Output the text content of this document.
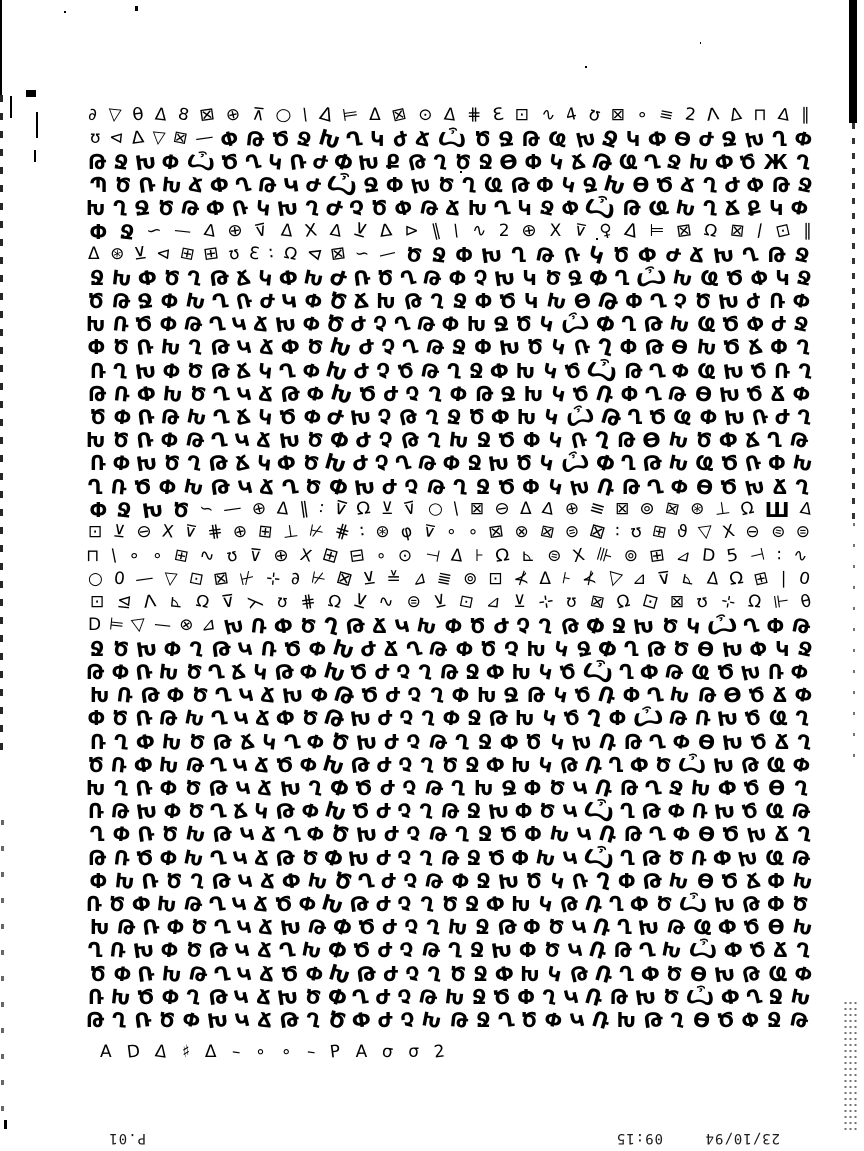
∂ ▽ θ Δ 8 ⊠ ⊕ ⊼ ○ \ Δ ⊨ Δ ⊠ ⊙ Δ ⋕ Ɛ ⊡ ∿ 4 ʊ ⊠ ∘ ≡ 2 Λ Δ ⊓ Δ ∥
ʊ ⊲ Δ ▽ ⊠ — Փ Թ Ծ Ջ Խ Ղ Կ Ժ Ճ Ѽ Ծ Ջ Թ Ҩ Խ Ջ Կ Փ Ѳ Ժ Ջ Խ Ղ Փ
Թ Ջ Խ Փ Ѽ Ծ Ղ Կ Ռ Ժ Փ Խ Ք Թ Ղ Ծ Ջ Ѳ Փ Կ Ճ Թ Ҩ Ղ Ջ Խ Փ Ծ Ж Ղ
Պ Ծ Ռ Խ Ճ Փ Ղ Թ Կ Ժ Ѽ Ջ Փ Խ Ծ Ղ Ҩ Թ Փ Կ Ջ Խ Ѳ Ծ Ճ Ղ Ժ Փ Թ Ջ
Խ Ղ Ջ Ծ Թ Փ Ռ Կ Խ Ղ Ժ Չ Ծ Փ Թ Ճ Խ Ղ Կ Ջ Փ Ѽ Թ Ҩ Խ Ղ Ճ Ք Կ Փ
Փ Ջ ∽ — Δ ⊕ ⊽ Δ X Δ ⊻ Δ ⊳ ∥ \ ∿ 2 ⊕ X ⊽ ♀ Δ ⊨ ⊠ Ω ⊠ / ⊡ ∥
Δ ⊛ ⊻ ⊲ ⊞ ⊞ ʊ Ɛ ∶ Ω ⊲ ⊠ ∽ — Ծ Ջ Փ Խ Ղ Թ Ռ Կ Ծ Փ Ժ Ճ Խ Ղ Թ Ջ
Ջ Խ Փ Ծ Ղ Թ Ճ Կ Փ Խ Ժ Ռ Ծ Ղ Թ Փ Չ Խ Կ Ծ Ջ Փ Ղ Ѽ Խ Ҩ Ծ Փ Կ Ջ
Ծ Թ Ջ Փ Խ Ղ Ռ Ժ Կ Փ Ծ Ճ Խ Թ Ղ Ջ Փ Ծ Կ Խ Ѳ Թ Փ Ղ Չ Ծ Խ Ժ Ռ Փ
Խ Ռ Ծ Փ Թ Ղ Կ Ճ Խ Փ Ծ Ժ Չ Ղ Թ Փ Խ Ջ Ծ Կ Ѽ Փ Ղ Թ Խ Ҩ Ծ Փ Ժ Ջ
Փ Ծ Ռ Խ Ղ Թ Կ Ճ Փ Ծ Խ Ժ Չ Ղ Թ Ջ Փ Խ Ծ Կ Ռ Ղ Փ Թ Ѳ Խ Ծ Ճ Փ Ղ
Ռ Ղ Խ Փ Ծ Թ Ճ Կ Ղ Փ Խ Ժ Չ Ծ Թ Ղ Ջ Փ Խ Կ Ծ Ѽ Թ Ղ Փ Ҩ Խ Ծ Ռ Ղ
Թ Ռ Փ Խ Ծ Ղ Կ Ճ Թ Փ Խ Ծ Ժ Չ Ղ Փ Թ Ջ Խ Կ Ծ Ռ Փ Ղ Թ Ѳ Խ Ծ Ճ Փ
Ծ Փ Ռ Թ Խ Ղ Ճ Կ Ծ Փ Ժ Խ Չ Թ Ղ Ջ Ծ Փ Խ Կ Ѽ Թ Ղ Ծ Ҩ Փ Խ Ռ Ժ Ղ
Խ Ծ Ռ Փ Թ Ղ Կ Ճ Խ Ծ Փ Ժ Չ Թ Ղ Խ Ջ Ծ Փ Կ Ռ Ղ Թ Ѳ Խ Ծ Փ Ճ Ղ Թ
Ռ Փ Խ Ծ Ղ Թ Ճ Կ Փ Ծ Խ Ժ Չ Ղ Թ Փ Ջ Խ Ծ Կ Ѽ Փ Ղ Թ Խ Ҩ Ծ Ռ Փ Խ
Ղ Ռ Ծ Փ Խ Թ Կ Ճ Ղ Ծ Փ Խ Ժ Չ Թ Ղ Ջ Ծ Փ Կ Խ Ռ Թ Ղ Փ Ѳ Ծ Խ Ճ Ղ
Փ Ջ Խ Ծ ∽ — ⊕ Δ ∥ ∶ ⊽ Ω ⊻ ⊽ ○ \ ⊠ ⊖ Δ Δ ⊕ ≡ ⊠ ⊚ ⊠ ⊛ ⊥ Ω Ш Δ
⊡ ⊻ ⊖ X ⊽ ⋕ ⊕ ⊞ ⊥ ⊬ ⋕ ∶ ⊛ φ ⊽ ∘ ∘ ⊠ ⊗ ⊠ ⊜ ⊠ ∶ ʊ ⊞ ϑ ▽ X ⊖ ⊜ ⊜
⊓ \ ∘ ∘ ⊞ ∿ ʊ ⊽ ⊕ X ⊞ ⊟ ∘ ⊙ ⊣ Δ ⊦ Ω ⊾ ⊜ X ⊪ ⊚ ⊞ ⊿ D 5 ⊣ ∶ ∿
○ 0 — ▽ ⊡ ⊠ ⊬ ⊹ ∂ ⊬ ⊠ ⊻ ≚ ⊿ ≣ ⊚ ⊡ ⊀ Δ ⊦ ⊀ ▽ ⊿ ⊽ ⊾ Δ Ω ⊞ ∣ 0
⊡ ⊴ Λ ⊾ Ω ⊽ ⋋ ʊ ⋕ Ω ⊻ ∿ ⊜ ⊻ ⊡ ⊿ ⊻ ⊹ ʊ ⊠ Ω ⊡ ⊠ ʊ ⊹ Ω ⊩ θ
D ⊨ ▽ — ⊗ ⊿ Խ Ռ Փ Ծ Ղ Թ Ճ Կ Խ Փ Ծ Ժ Չ Ղ Թ Փ Ջ Խ Ծ Կ Ѽ Ղ Փ Թ
Ջ Ծ Խ Փ Ղ Թ Կ Ռ Ծ Փ Խ Ժ Ճ Ղ Թ Փ Ծ Չ Խ Կ Ջ Փ Ղ Թ Ծ Ѳ Խ Փ Կ Ջ
Թ Փ Ռ Խ Ծ Ղ Ճ Կ Թ Փ Խ Ծ Ժ Չ Ղ Թ Ջ Փ Խ Կ Ծ Ѽ Ղ Փ Թ Ҩ Ծ Խ Ռ Փ
Խ Ռ Թ Փ Ծ Ղ Կ Ճ Խ Փ Թ Ծ Ժ Չ Ղ Փ Խ Ջ Թ Կ Ծ Ռ Փ Ղ Խ Թ Ѳ Ծ Ճ Փ
Փ Ծ Ռ Թ Խ Ղ Կ Ճ Փ Ծ Թ Խ Ժ Չ Ղ Փ Ջ Թ Խ Կ Ծ Ղ Փ Ѽ Թ Ռ Խ Ծ Ҩ Ղ
Ռ Ղ Փ Խ Ծ Թ Ճ Կ Ղ Փ Ծ Խ Ժ Չ Թ Ղ Ջ Փ Ծ Կ Խ Ռ Թ Ղ Փ Ѳ Խ Ծ Ճ Ղ
Ծ Ռ Փ Խ Թ Ղ Կ Ճ Ծ Փ Խ Թ Ժ Չ Ղ Ծ Ջ Փ Խ Կ Թ Ռ Ղ Փ Ծ Ѽ Խ Թ Ҩ Փ
Խ Ղ Ռ Փ Ծ Թ Կ Ճ Խ Ղ Փ Ծ Ժ Չ Թ Ղ Խ Ջ Փ Ծ Կ Ռ Թ Ղ Ջ Խ Փ Ծ Ѳ Ղ
Ռ Թ Խ Փ Ծ Ղ Ճ Կ Թ Փ Խ Ծ Ժ Չ Ղ Թ Ջ Խ Փ Ծ Կ Ѽ Ղ Թ Փ Ռ Խ Ծ Ҩ Թ
Ղ Փ Ռ Ծ Խ Թ Կ Ճ Ղ Փ Ծ Խ Ժ Չ Թ Ղ Ջ Ծ Փ Խ Կ Ռ Թ Ղ Փ Ѳ Ծ Խ Ճ Ղ
Թ Ռ Ծ Փ Խ Ղ Կ Ճ Թ Ծ Փ Խ Ժ Չ Ղ Թ Ջ Ծ Փ Խ Կ Ѽ Ղ Թ Ծ Ռ Փ Խ Ҩ Թ
Փ Խ Ռ Ծ Ղ Թ Կ Ճ Փ Խ Ծ Ղ Ժ Չ Թ Փ Ջ Խ Ծ Կ Ռ Ղ Փ Թ Խ Ѳ Ծ Ճ Փ Խ
Ռ Ծ Փ Խ Թ Ղ Կ Ճ Ծ Փ Խ Թ Ժ Չ Ղ Ծ Ջ Փ Խ Կ Թ Ռ Ղ Փ Ծ Ѽ Խ Թ Փ Ծ
Խ Թ Ռ Փ Ծ Ղ Կ Ճ Խ Թ Փ Ծ Ժ Չ Ղ Խ Ջ Թ Փ Ծ Կ Ռ Ղ Խ Թ Ҩ Փ Ծ Ѳ Խ
Ղ Ռ Խ Փ Ծ Թ Կ Ճ Ղ Խ Փ Ծ Ժ Չ Թ Ղ Ջ Խ Փ Ծ Կ Ռ Թ Ղ Խ Ѽ Փ Ծ Ճ Ղ
Ծ Փ Ռ Խ Թ Ղ Կ Ճ Ծ Փ Խ Թ Ժ Չ Ղ Ծ Ջ Փ Խ Կ Թ Ռ Ղ Փ Ծ Ѳ Խ Թ Ҩ Փ
Ռ Խ Ծ Փ Ղ Թ Կ Ճ Խ Ծ Փ Ղ Ժ Չ Թ Խ Ջ Ծ Փ Ղ Կ Ռ Թ Խ Ծ Ѽ Փ Ղ Ջ Խ
Թ Ղ Ռ Ծ Փ Խ Կ Ճ Թ Ղ Ծ Փ Ժ Չ Խ Թ Ջ Ղ Ծ Փ Կ Ռ Խ Թ Ղ Ѳ Ծ Փ Ջ Թ
A D Δ ♯ Δ – ∘ ∘ – P A σ σ 2
23/10/94
09:15
P.01
